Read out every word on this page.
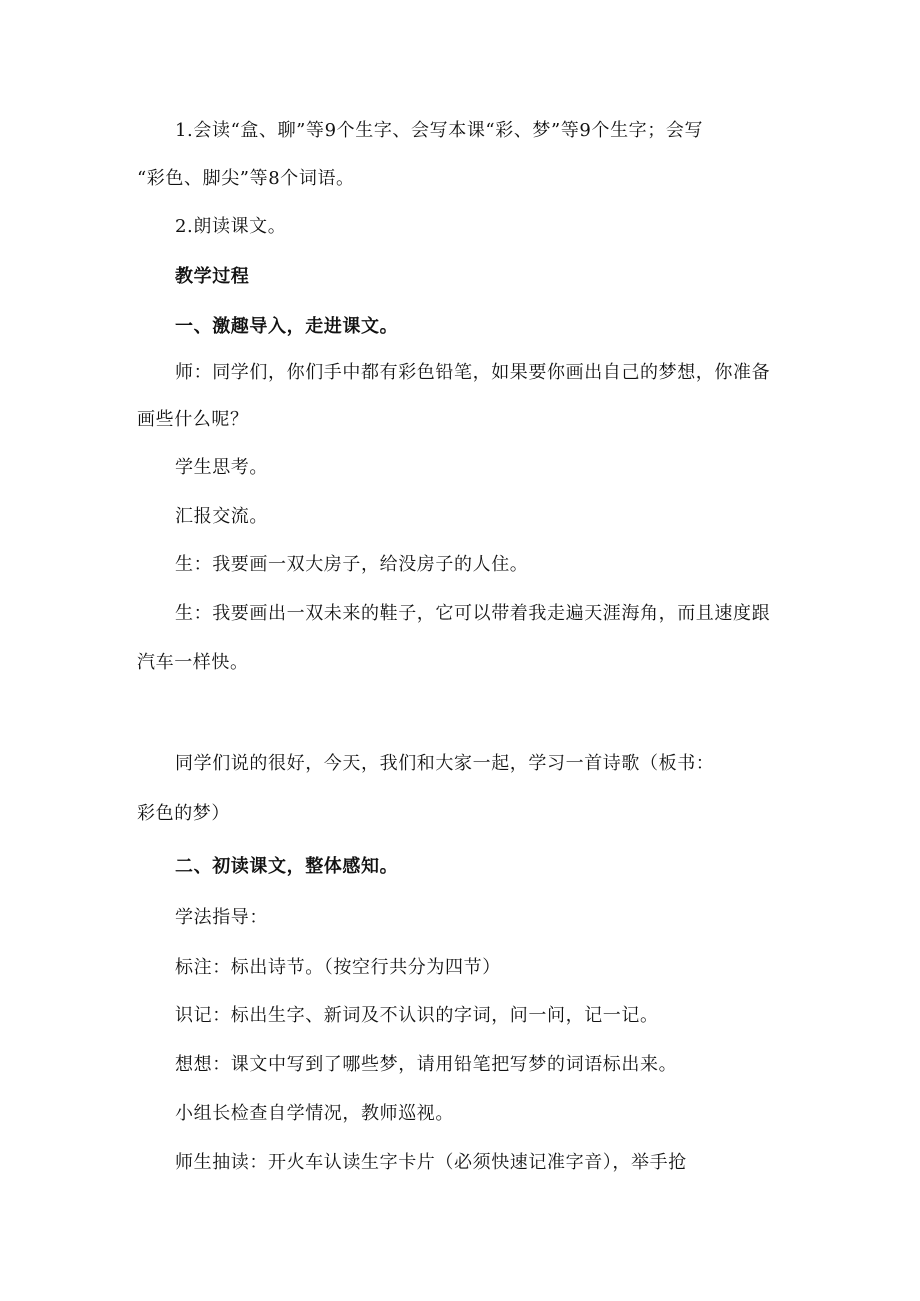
1.会读“盒、聊”等9个生字、会写本课“彩、梦”等9个生字；会写
“彩色、脚尖”等8个词语。
2.朗读课文。
教学过程
一、激趣导入，走进课文。
师：同学们，你们手中都有彩色铅笔，如果要你画出自己的梦想，你准备
画些什么呢？
学生思考。
汇报交流。
生：我要画一双大房子，给没房子的人住。
生：我要画出一双未来的鞋子，它可以带着我走遍天涯海角，而且速度跟
汽车一样快。
同学们说的很好，今天，我们和大家一起，学习一首诗歌（板书：
彩色的梦）
二、初读课文，整体感知。
学法指导：
标注：标出诗节。（按空行共分为四节）
识记：标出生字、新词及不认识的字词，问一问，记一记。
想想：课文中写到了哪些梦，请用铅笔把写梦的词语标出来。
小组长检查自学情况，教师巡视。
师生抽读：开火车认读生字卡片（必须快速记准字音），举手抢
